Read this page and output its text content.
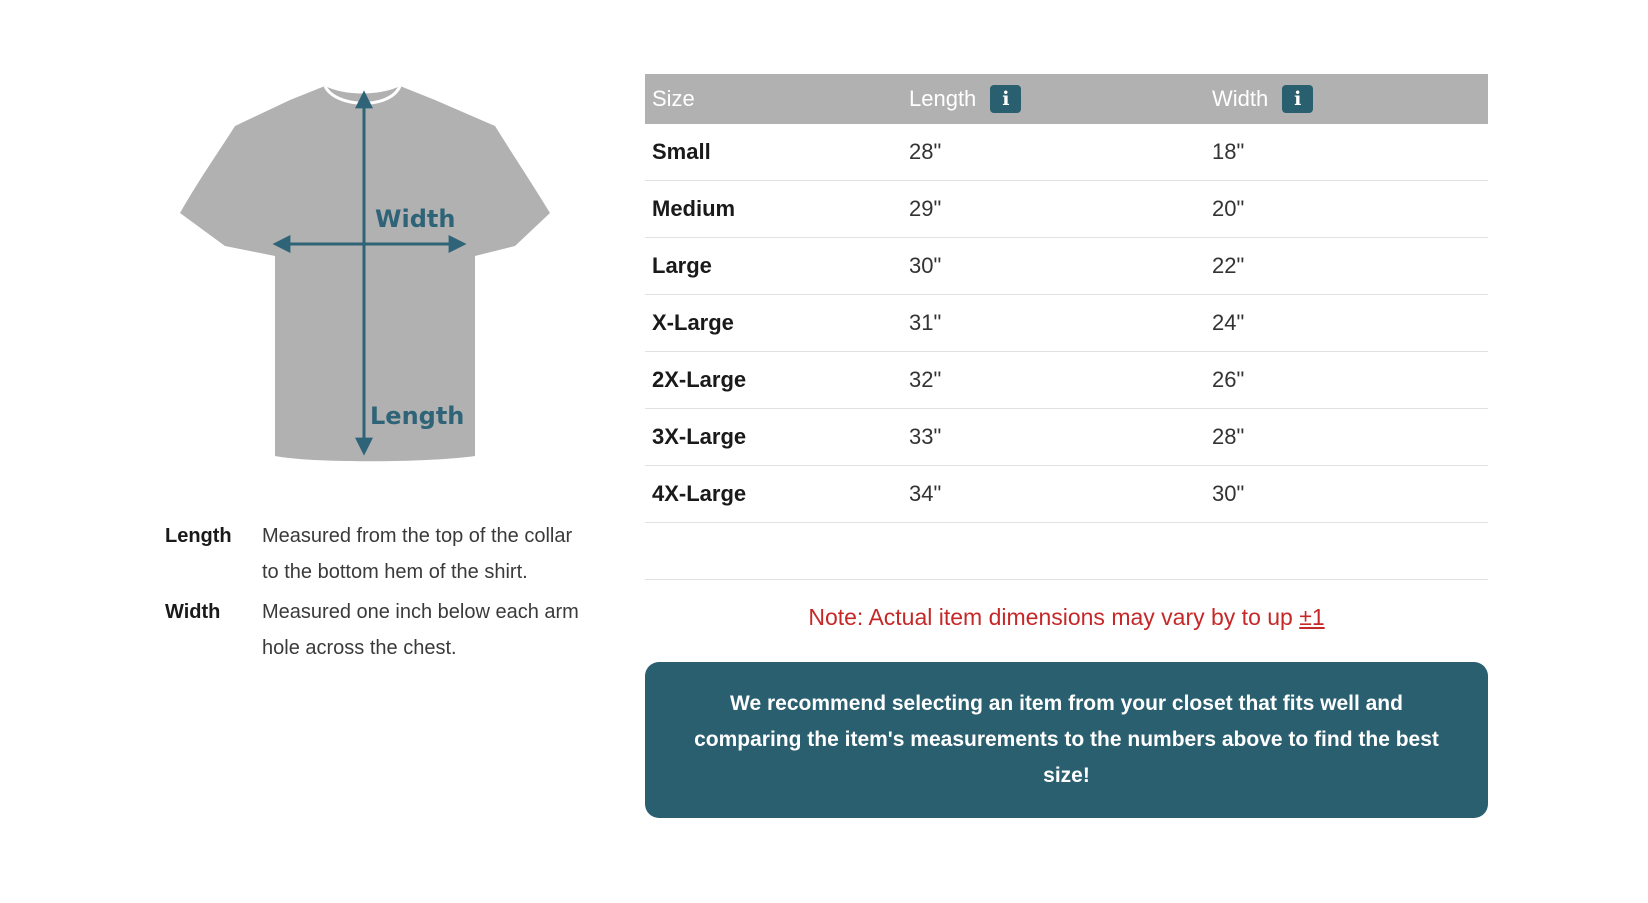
Width
Length
Length	Measured from the top of the collar to the bottom hem of the shirt.
Width	Measured one inch below each arm hole across the chest.
Size	Length i	Width i

Small	28"	18"
Medium	29"	20"
Large	30"	22"
X-Large	31"	24"
2X-Large	32"	26"
3X-Large	33"	28"
4X-Large	34"	30"

Note: Actual item dimensions may vary by to up ±1
We recommend selecting an item from your closet that fits well and comparing the item's measurements to the numbers above to find the best size!
